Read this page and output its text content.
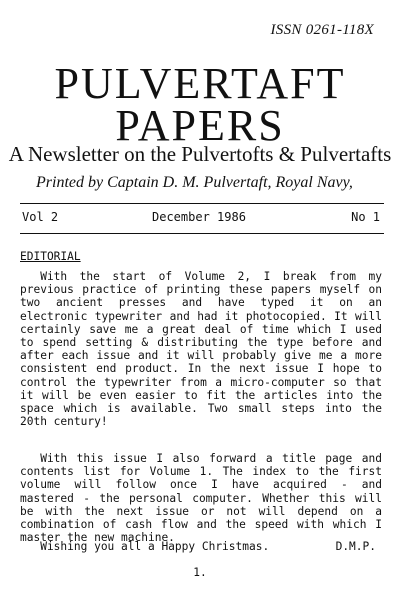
ISSN 0261-118X
PULVERTAFT
PAPERS
A Newsletter on the Pulvertofts & Pulvertafts
Printed by Captain D. M. Pulvertaft, Royal Navy,
Vol 2	December 1986	No 1
EDITORIAL

With the start of Volume 2, I break from my previous practice of printing these papers myself on two ancient presses and have typed it on an electronic typewriter and had it photocopied. It will certainly save me a great deal of time which I used to spend setting & distributing the type before and after each issue and it will probably give me a more consistent end product. In the next issue I hope to control the typewriter from a micro-computer so that it will be even easier to fit the articles into the space which is available. Two small steps into the 20th century!

With this issue I also forward a title page and contents list for Volume 1. The index to the first volume will follow once I have acquired - and mastered - the personal computer. Whether this will be with the next issue or not will depend on a combination of cash flow and the speed with which I master the new machine.

Wishing you all a Happy Christmas.	D.M.P.
1.
